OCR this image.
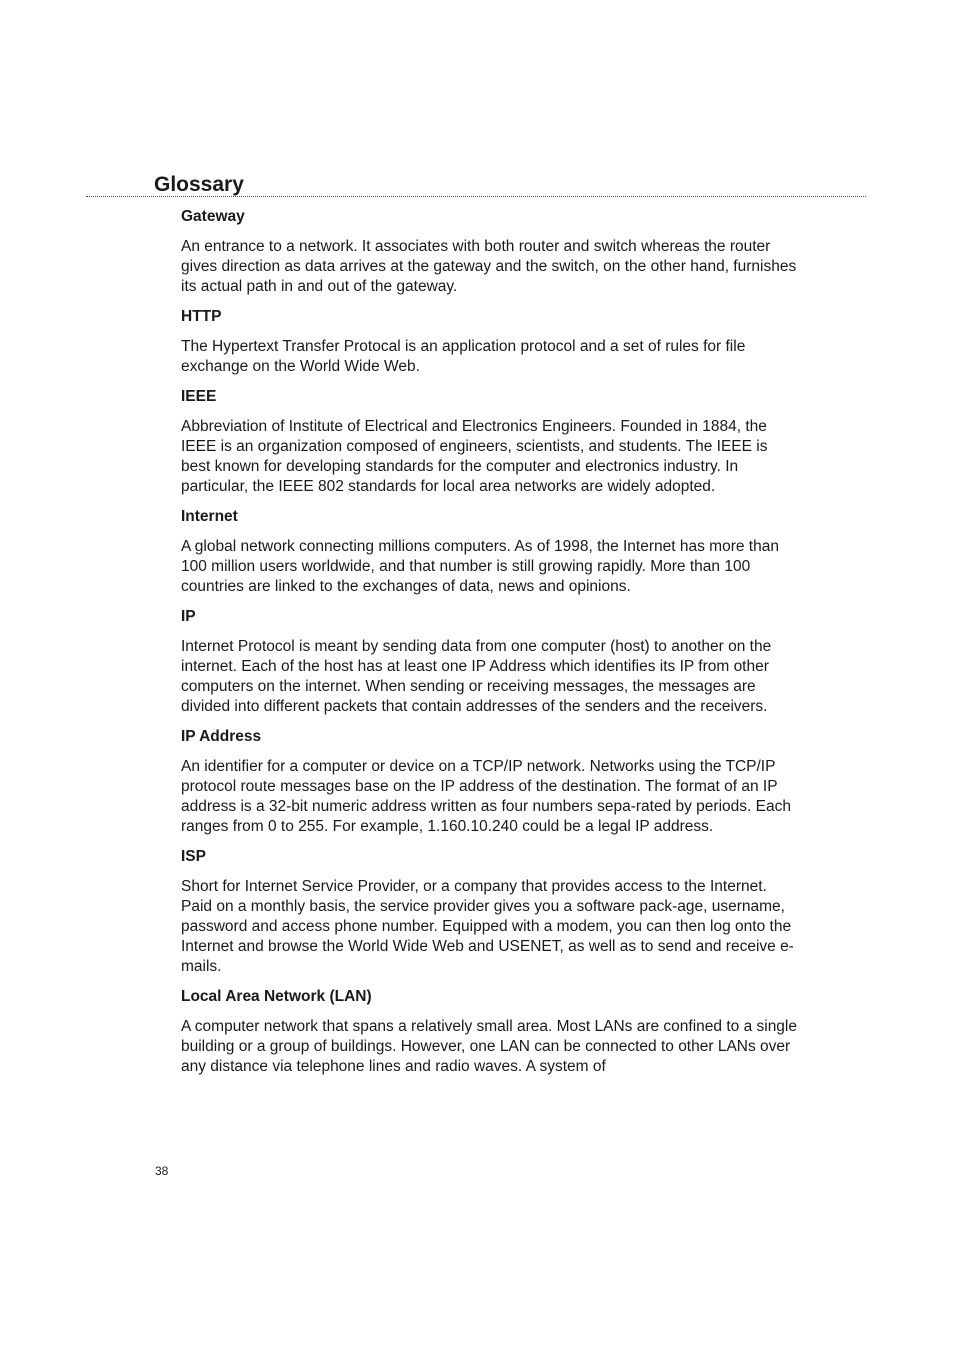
Glossary

Gateway

An entrance to a network. It associates with both router and switch whereas the router gives direction as data arrives at the gateway and the switch, on the other hand, furnishes its actual path in and out of the gateway.

HTTP

The Hypertext Transfer Protocal is an application protocol and a set of rules for file exchange on the World Wide Web.

IEEE

Abbreviation of Institute of Electrical and Electronics Engineers. Founded in 1884, the IEEE is an organization composed of engineers, scientists, and students. The IEEE is best known for developing standards for the computer and electronics industry. In particular, the IEEE 802 standards for local area networks are widely adopted.

Internet

A global network connecting millions computers. As of 1998, the Internet has more than 100 million users worldwide, and that number is still growing rapidly. More than 100 countries are linked to the exchanges of data, news and opinions.

IP

Internet Protocol is meant by sending data from one computer (host) to another on the internet. Each of the host has at least one IP Address which identifies its IP from other computers on the internet. When sending or receiving messages, the messages are divided into different packets that contain addresses of the senders and the receivers.

IP Address

An identifier for a computer or device on a TCP/IP network. Networks using the TCP/IP protocol route messages base on the IP address of the destination. The format of an IP address is a 32-bit numeric address written as four numbers sepa-rated by periods. Each ranges from 0 to 255. For example, 1.160.10.240 could be a legal IP address.

ISP

Short for Internet Service Provider, or a company that provides access to the Internet. Paid on a monthly basis, the service provider gives you a software pack-age, username, password and access phone number. Equipped with a modem, you can then log onto the Internet and browse the World Wide Web and USENET, as well as to send and receive e-mails.

Local Area Network (LAN)

A computer network that spans a relatively small area. Most LANs are confined to a single building or a group of buildings. However, one LAN can be connected to other LANs over any distance via telephone lines and radio waves. A system of

38
